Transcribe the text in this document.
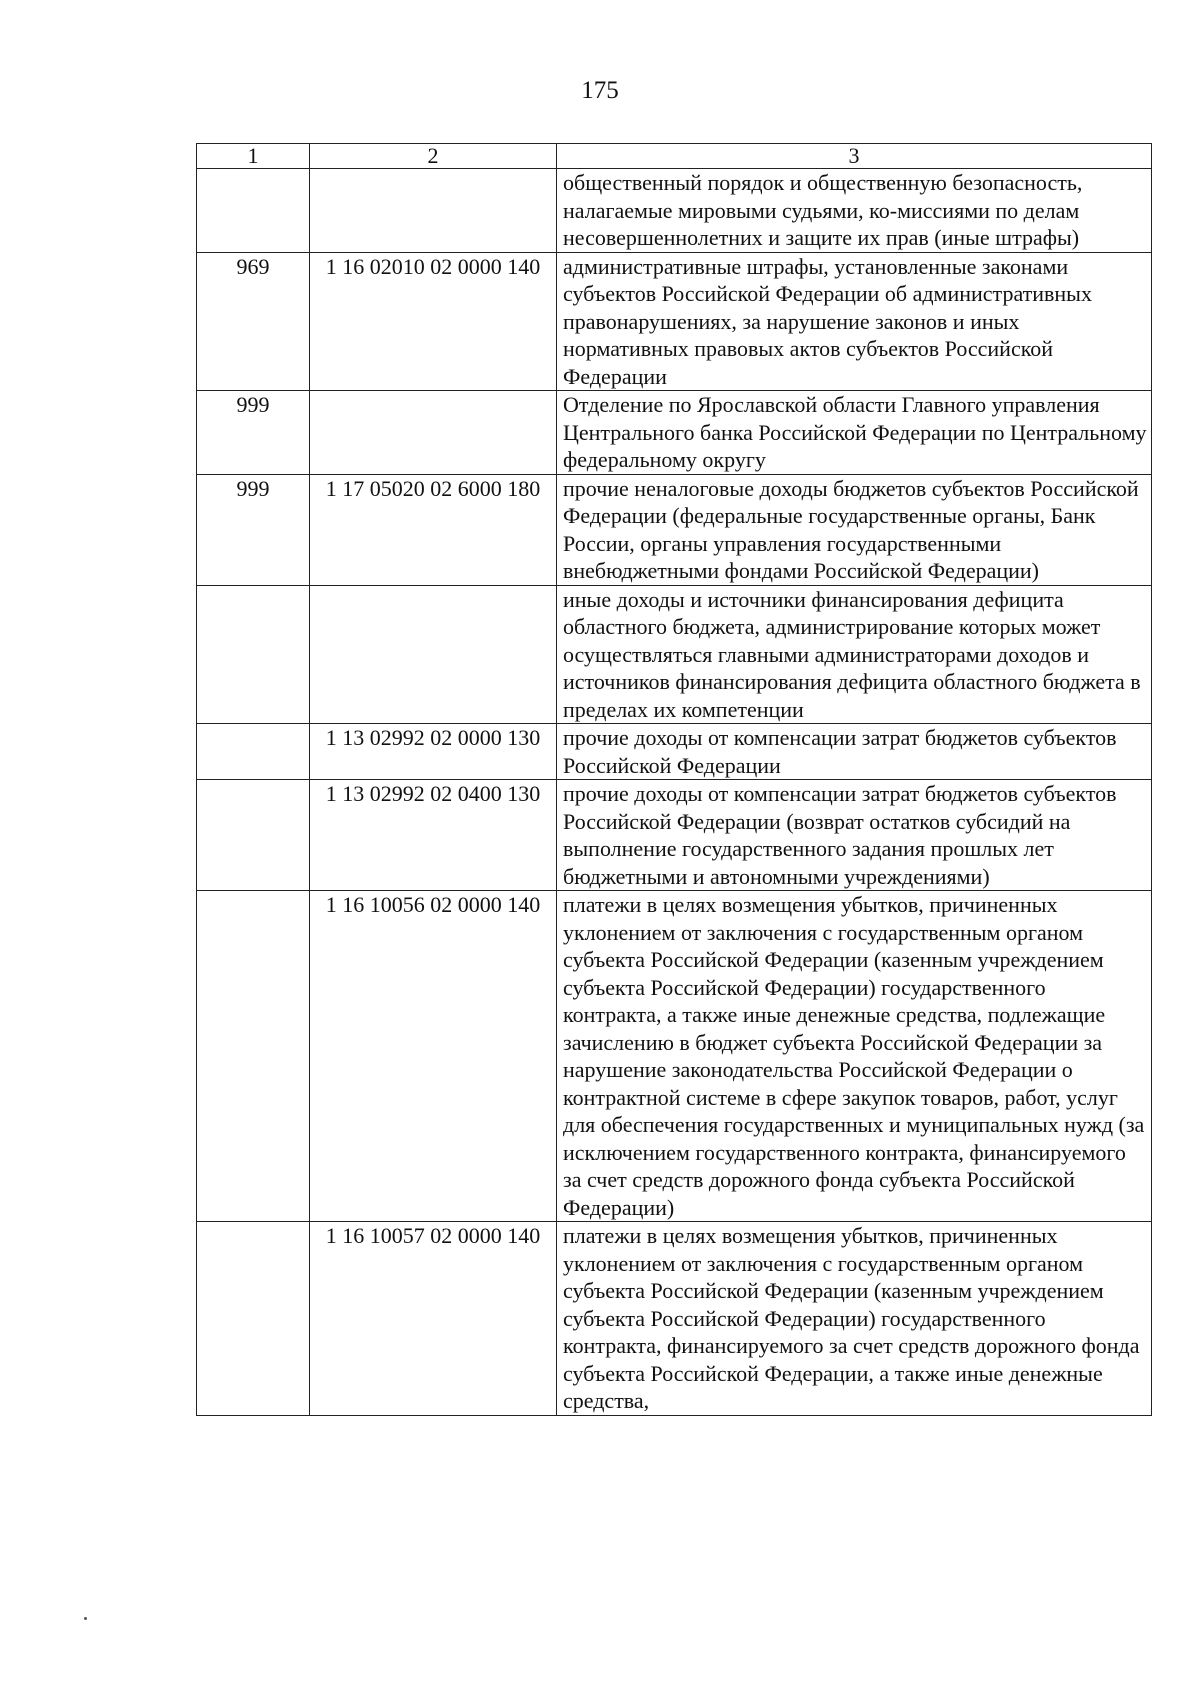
175
1	2	3
		общественный порядок и общественную безопасность, налагаемые мировыми судьями, ко-миссиями по делам несовершеннолетних и защите их прав (иные штрафы)
969	1 16 02010 02 0000 140	административные штрафы, установленные законами субъектов Российской Федерации об административных правонарушениях, за нарушение законов и иных нормативных правовых актов субъектов Российской Федерации
999		Отделение по Ярославской области Главного управления Центрального банка Российской Федерации по Центральному федеральному округу
999	1 17 05020 02 6000 180	прочие неналоговые доходы бюджетов субъектов Российской Федерации (федеральные государственные органы, Банк России, органы управления государственными внебюджетными фондами Российской Федерации)
		иные доходы и источники финансирования дефицита областного бюджета, администрирование которых может осуществляться главными администраторами доходов и источников финансирования дефицита областного бюджета в пределах их компетенции
	1 13 02992 02 0000 130	прочие доходы от компенсации затрат бюджетов субъектов Российской Федерации
	1 13 02992 02 0400 130	прочие доходы от компенсации затрат бюджетов субъектов Российской Федерации (возврат остатков субсидий на выполнение государственного задания прошлых лет бюджетными и автономными учреждениями)
	1 16 10056 02 0000 140	платежи в целях возмещения убытков, причиненных уклонением от заключения с государственным органом субъекта Российской Федерации (казенным учреждением субъекта Российской Федерации) государственного контракта, а также иные денежные средства, подлежащие зачислению в бюджет субъекта Российской Федерации за нарушение законодательства Российской Федерации о контрактной системе в сфере закупок товаров, работ, услуг для обеспечения государственных и муниципальных нужд (за исключением государственного контракта, финансируемого за счет средств дорожного фонда субъекта Российской Федерации)
	1 16 10057 02 0000 140	платежи в целях возмещения убытков, причиненных уклонением от заключения с государственным органом субъекта Российской Федерации (казенным учреждением субъекта Российской Федерации) государственного контракта, финансируемого за счет средств дорожного фонда субъекта Российской Федерации, а также иные денежные средства,
